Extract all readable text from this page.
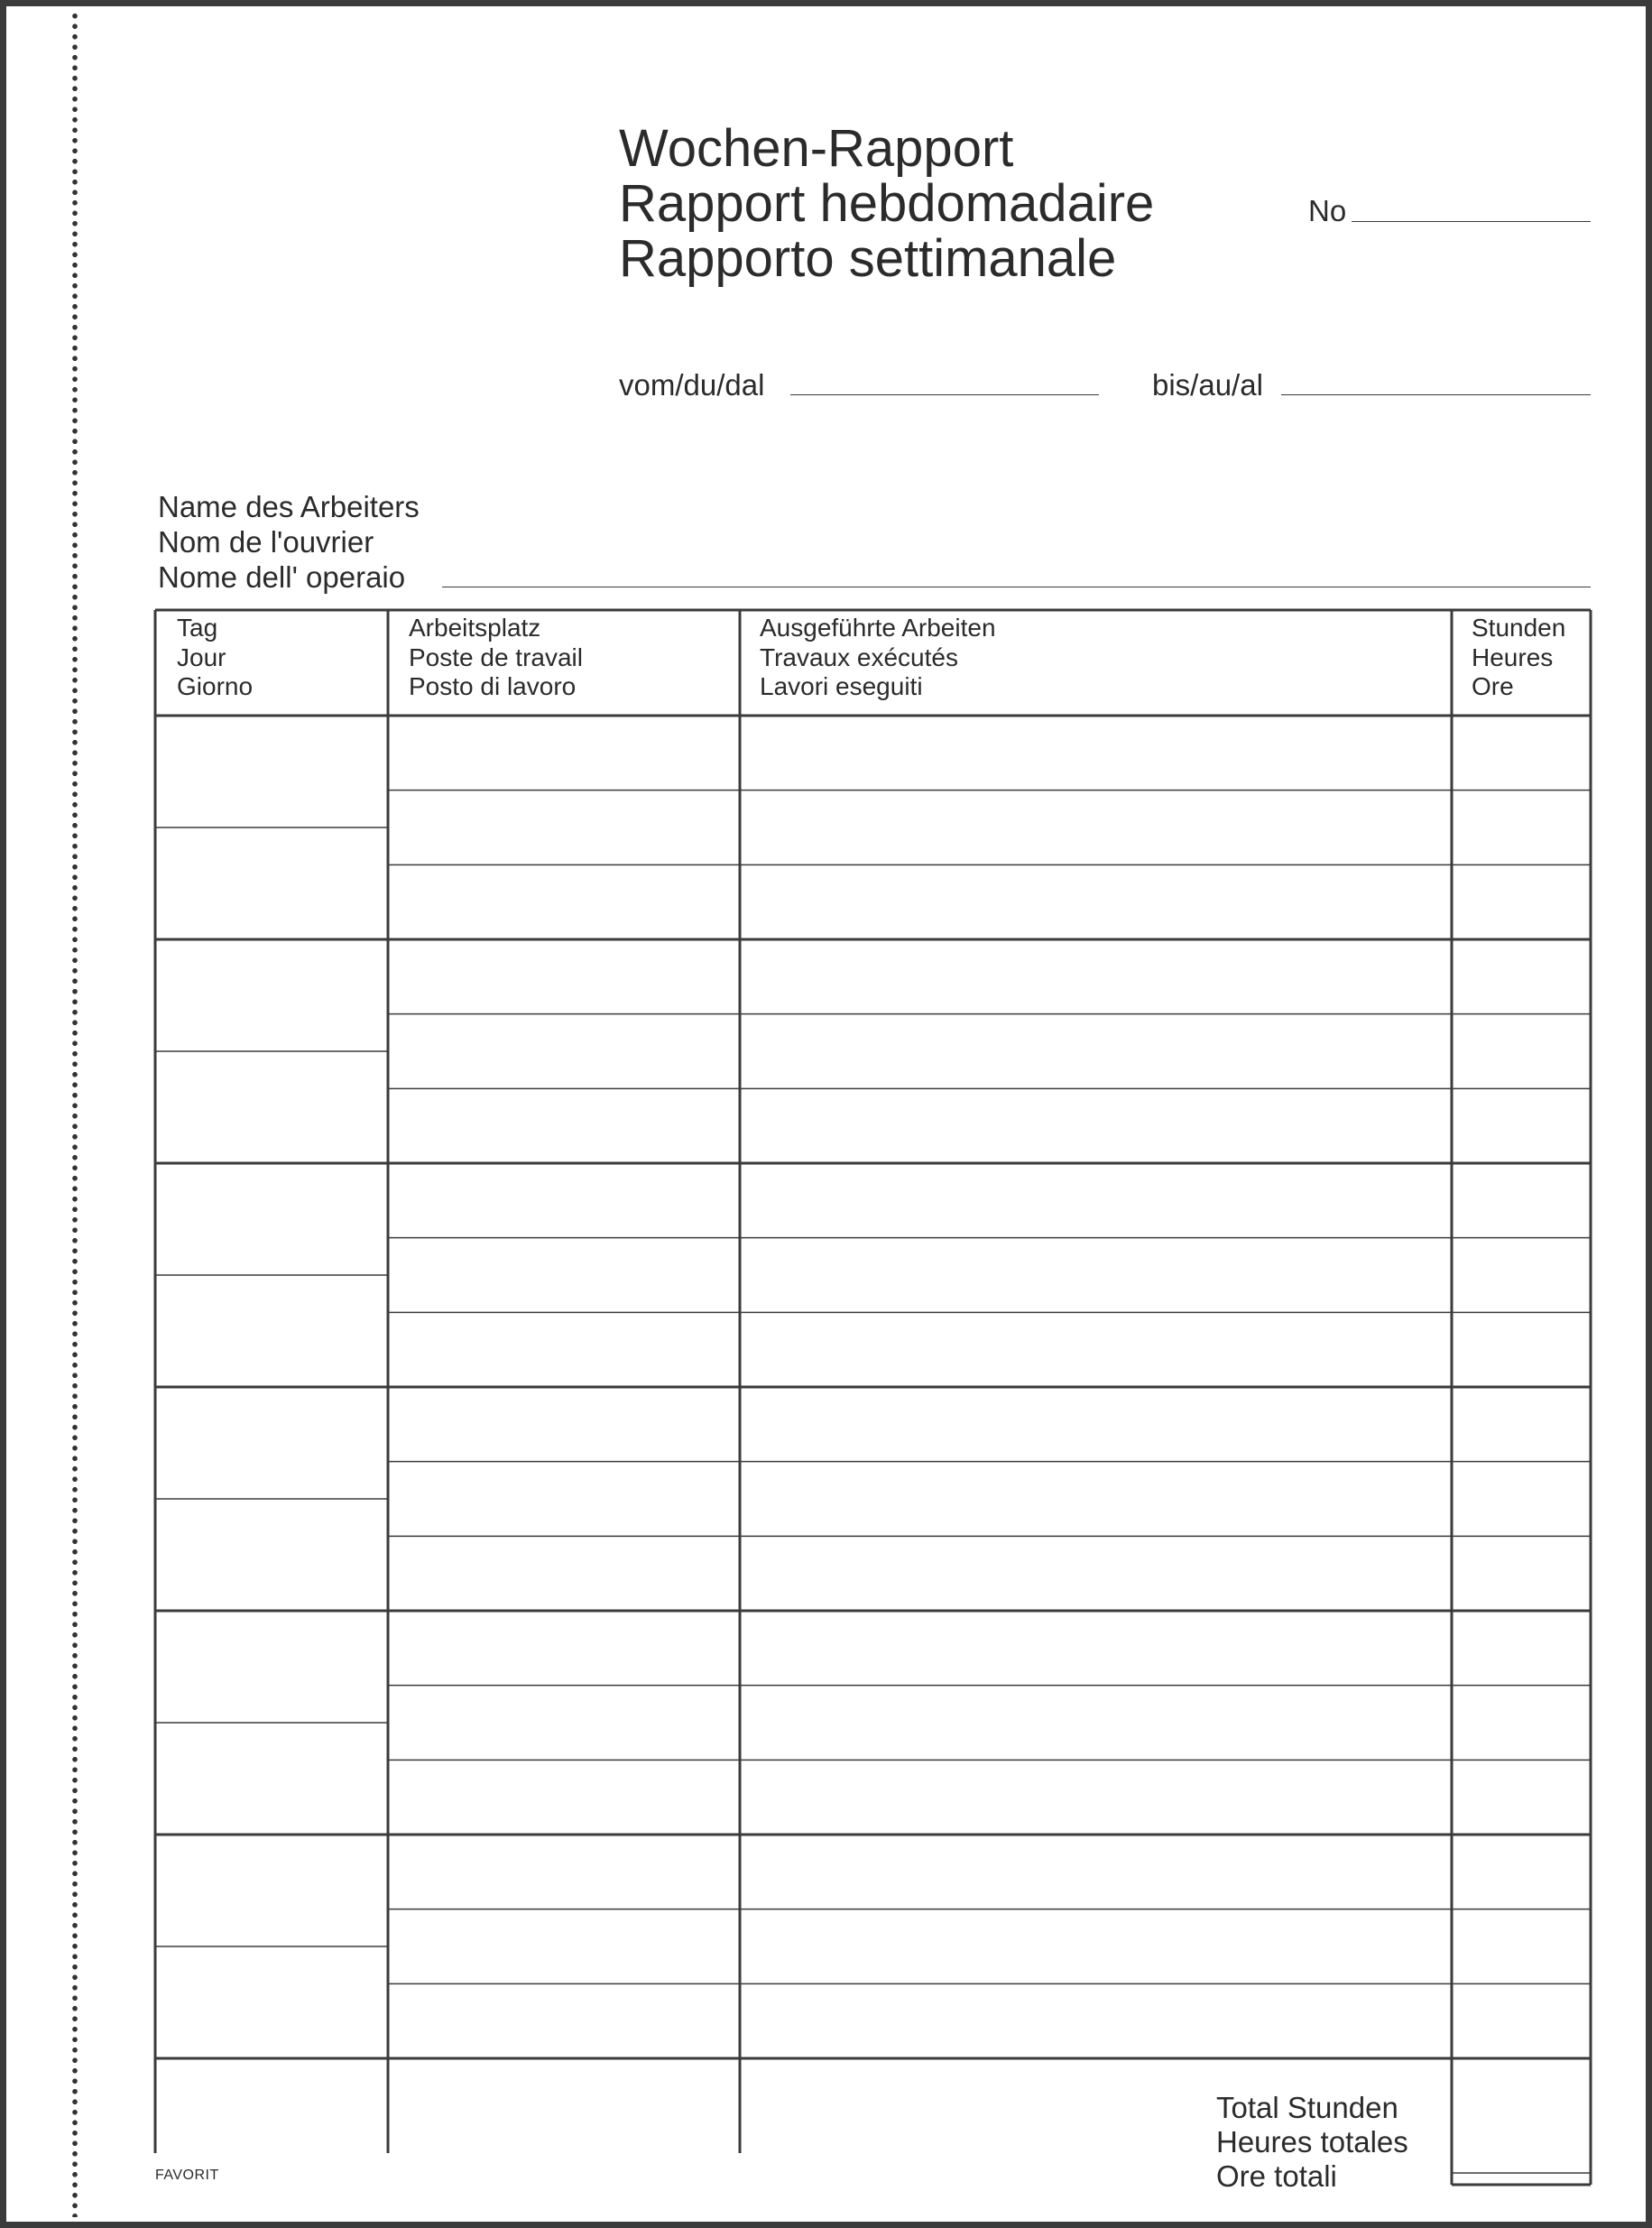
Wochen-Rapport
Rapport hebdomadaire
Rapporto settimanale
No
vom/du/dal	bis/au/al
Name des Arbeiters
Nom de l'ouvrier
Nome dell' operaio
Tag
Jour
Giorno
Arbeitsplatz
Poste de travail
Posto di lavoro
Ausgeführte Arbeiten
Travaux exécutés
Lavori eseguiti
Stunden
Heures
Ore
Total Stunden
Heures totales
Ore totali
FAVORIT
